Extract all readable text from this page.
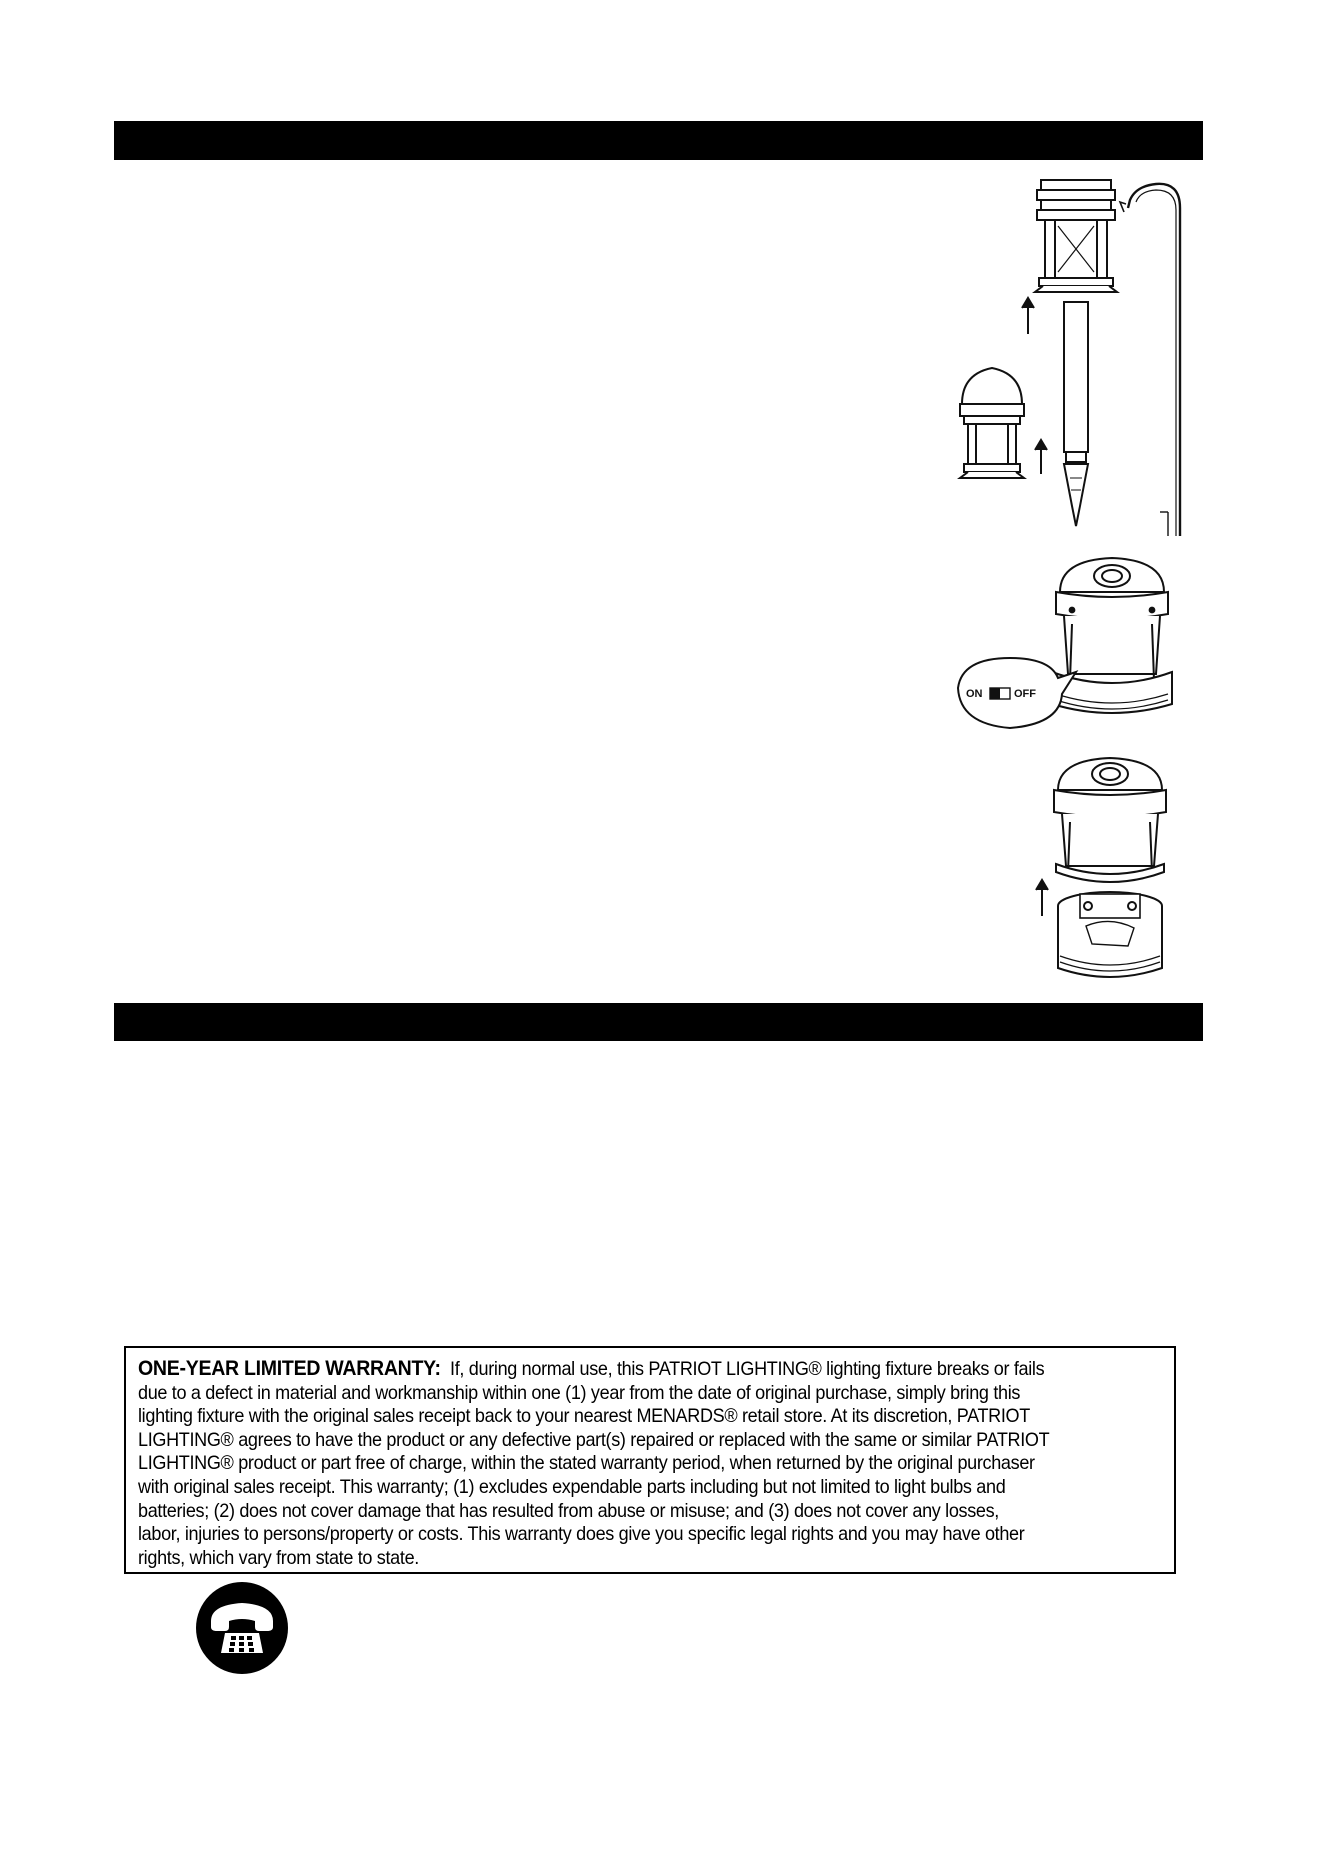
ON	OFF

ONE-YEAR LIMITED WARRANTY: If, during normal use, this PATRIOT LIGHTING® lighting fixture breaks or fails
due to a defect in material and workmanship within one (1) year from the date of original purchase, simply bring this
lighting fixture with the original sales receipt back to your nearest MENARDS® retail store. At its discretion, PATRIOT
LIGHTING® agrees to have the product or any defective part(s) repaired or replaced with the same or similar PATRIOT
LIGHTING® product or part free of charge, within the stated warranty period, when returned by the original purchaser
with original sales receipt. This warranty; (1) excludes expendable parts including but not limited to light bulbs and
batteries; (2) does not cover damage that has resulted from abuse or misuse; and (3) does not cover any losses,
labor, injuries to persons/property or costs. This warranty does give you specific legal rights and you may have other
rights, which vary from state to state.
